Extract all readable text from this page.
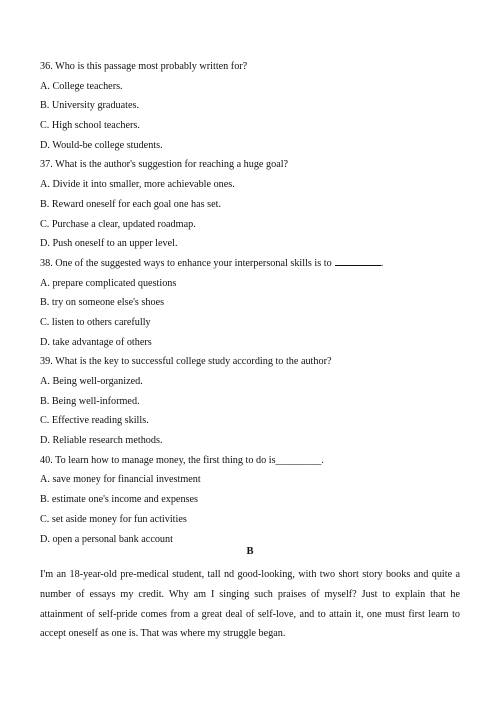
36. Who is this passage most probably written for?
A. College teachers.
B. University graduates.
C. High school teachers.
D. Would-be college students.
37. What is the author's suggestion for reaching a huge goal?
A. Divide it into smaller, more achievable ones.
B. Reward oneself for each goal one has set.
C. Purchase a clear, updated roadmap.
D. Push oneself to an upper level.
38. One of the suggested ways to enhance your interpersonal skills is to	.
A. prepare complicated questions
B. try on someone else's shoes
C. listen to others carefully
D. take advantage of others
39. What is the key to successful college study according to the author?
A. Being well-organized.
B. Being well-informed.
C. Effective reading skills.
D. Reliable research methods.
40. To learn how to manage money, the first thing to do is_________.
A. save money for financial investment
B. estimate one's income and expenses
C. set aside money for fun activities
D. open a personal bank account
B
I'm an 18-year-old pre-medical student, tall nd good-looking, with two short story books and quite a number of essays my credit. Why am I singing such praises of myself? Just to explain that he attainment of self-pride comes from a great deal of self-love, and to attain it, one must first learn to accept oneself as one is. That was where my struggle began.
